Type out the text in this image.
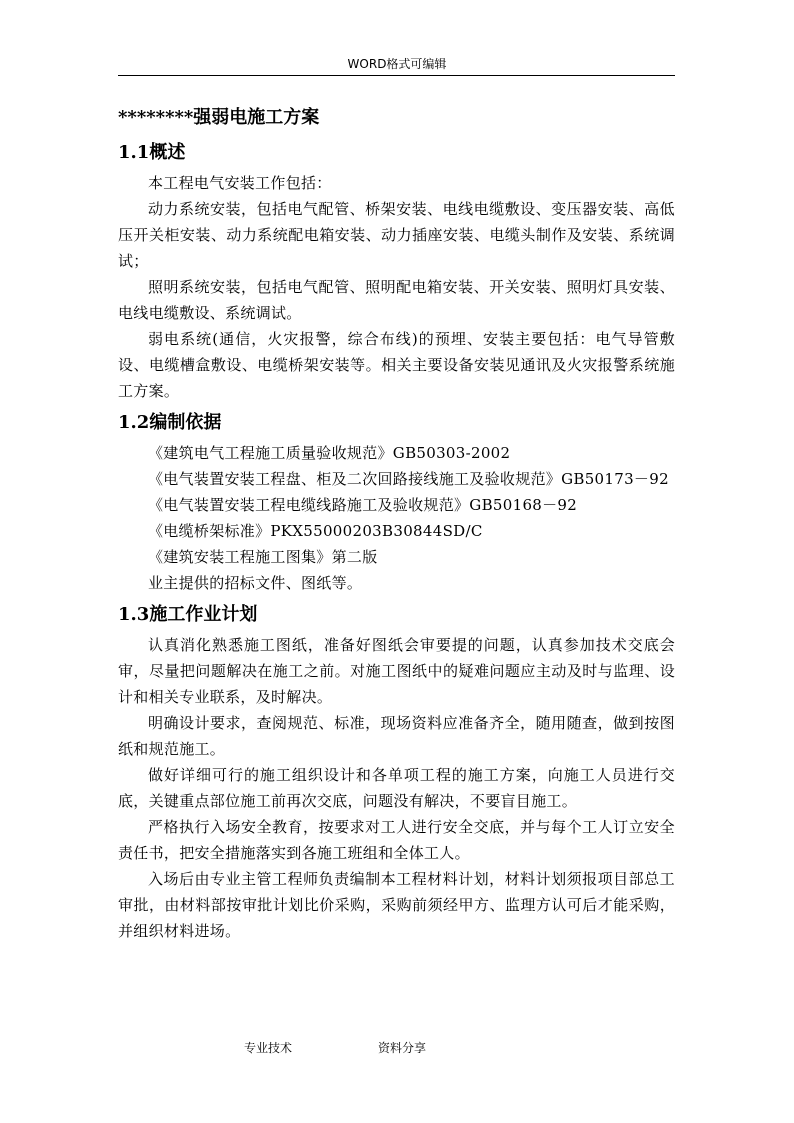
WORD格式可编辑
********强弱电施工方案
1.1概述

本工程电气安装工作包括：

动力系统安装，包括电气配管、桥架安装、电线电缆敷设、变压器安装、高低压开关柜安装、动力系统配电箱安装、动力插座安装、电缆头制作及安装、系统调试；

照明系统安装，包括电气配管、照明配电箱安装、开关安装、照明灯具安装、电线电缆敷设、系统调试。

弱电系统(通信，火灾报警，综合布线)的预埋、安装主要包括：电气导管敷设、电缆槽盒敷设、电缆桥架安装等。相关主要设备安装见通讯及火灾报警系统施工方案。

1.2编制依据

《建筑电气工程施工质量验收规范》GB50303-2002

《电气装置安装工程盘、柜及二次回路接线施工及验收规范》GB50173－92

《电气装置安装工程电缆线路施工及验收规范》GB50168－92

《电缆桥架标准》PKX55000203B30844SD/C

《建筑安装工程施工图集》第二版

业主提供的招标文件、图纸等。

1.3施工作业计划

认真消化熟悉施工图纸，准备好图纸会审要提的问题，认真参加技术交底会审，尽量把问题解决在施工之前。对施工图纸中的疑难问题应主动及时与监理、设计和相关专业联系，及时解决。

明确设计要求，查阅规范、标准，现场资料应准备齐全，随用随查，做到按图纸和规范施工。

做好详细可行的施工组织设计和各单项工程的施工方案，向施工人员进行交底，关键重点部位施工前再次交底，问题没有解决，不要盲目施工。

严格执行入场安全教育，按要求对工人进行安全交底，并与每个工人订立安全责任书，把安全措施落实到各施工班组和全体工人。

入场后由专业主管工程师负责编制本工程材料计划，材料计划须报项目部总工审批，由材料部按审批计划比价采购，采购前须经甲方、监理方认可后才能采购，并组织材料进场。

专业技术	资料分享
